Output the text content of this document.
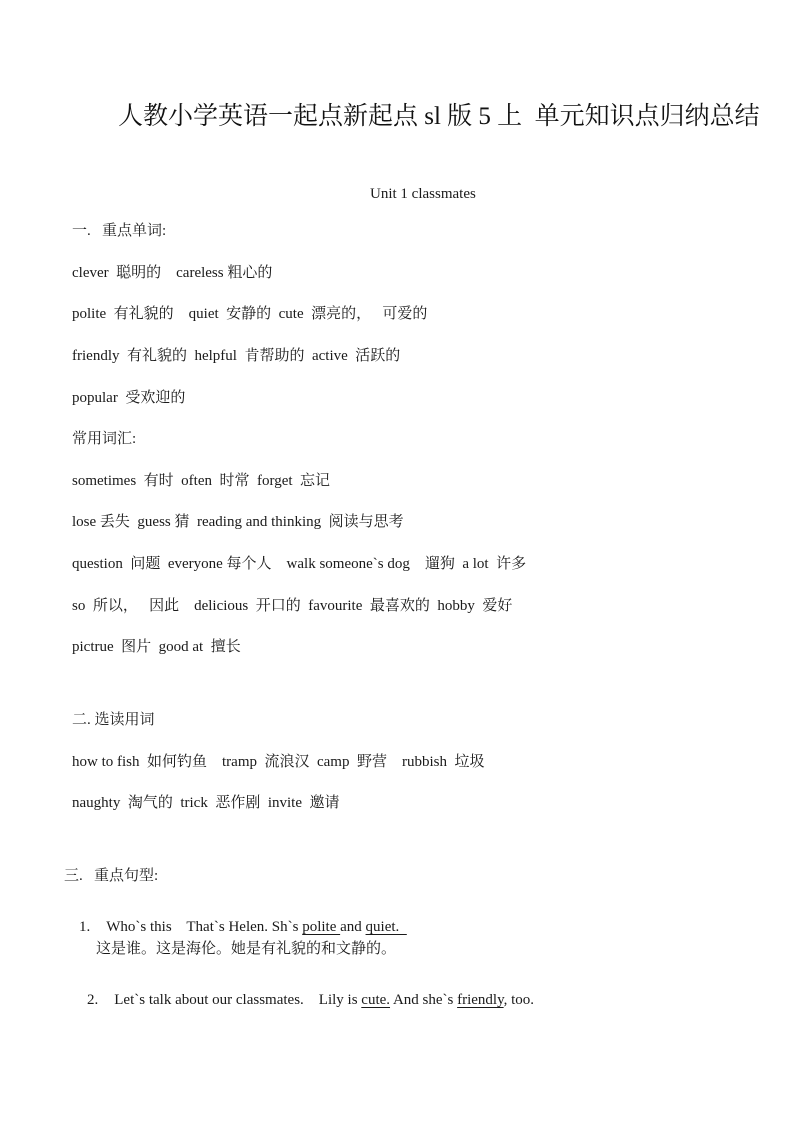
人教小学英语一起点新起点 sl 版 5 上  单元知识点归纳总结
Unit 1 classmates
一.   重点单词:
clever  聪明的    careless 粗心的
polite  有礼貌的    quiet  安静的  cute  漂亮的，   可爱的
friendly  有礼貌的  helpful  肯帮助的  active  活跃的
popular  受欢迎的
常用词汇:
sometimes  有时  often  时常  forget  忘记
lose 丢失  guess 猜  reading and thinking  阅读与思考
question  问题  everyone 每个人    walk someone`s dog    遛狗  a lot  许多
so  所以，   因此    delicious  开口的  favourite  最喜欢的  hobby  爱好
pictrue  图片  good at  擅长
二. 选读用词
how to fish  如何钓鱼    tramp  流浪汉  camp  野营    rubbish  垃圾
naughty  淘气的  trick  恶作剧  invite  邀请
三.   重点句型:

1. Who`s this    That`s Helen. Sh`s polite and quiet.

这是谁。这是海伦。她是有礼貌的和文静的。

2. Let`s talk about our classmates.    Lily is cute. And she`s friendly, too.
